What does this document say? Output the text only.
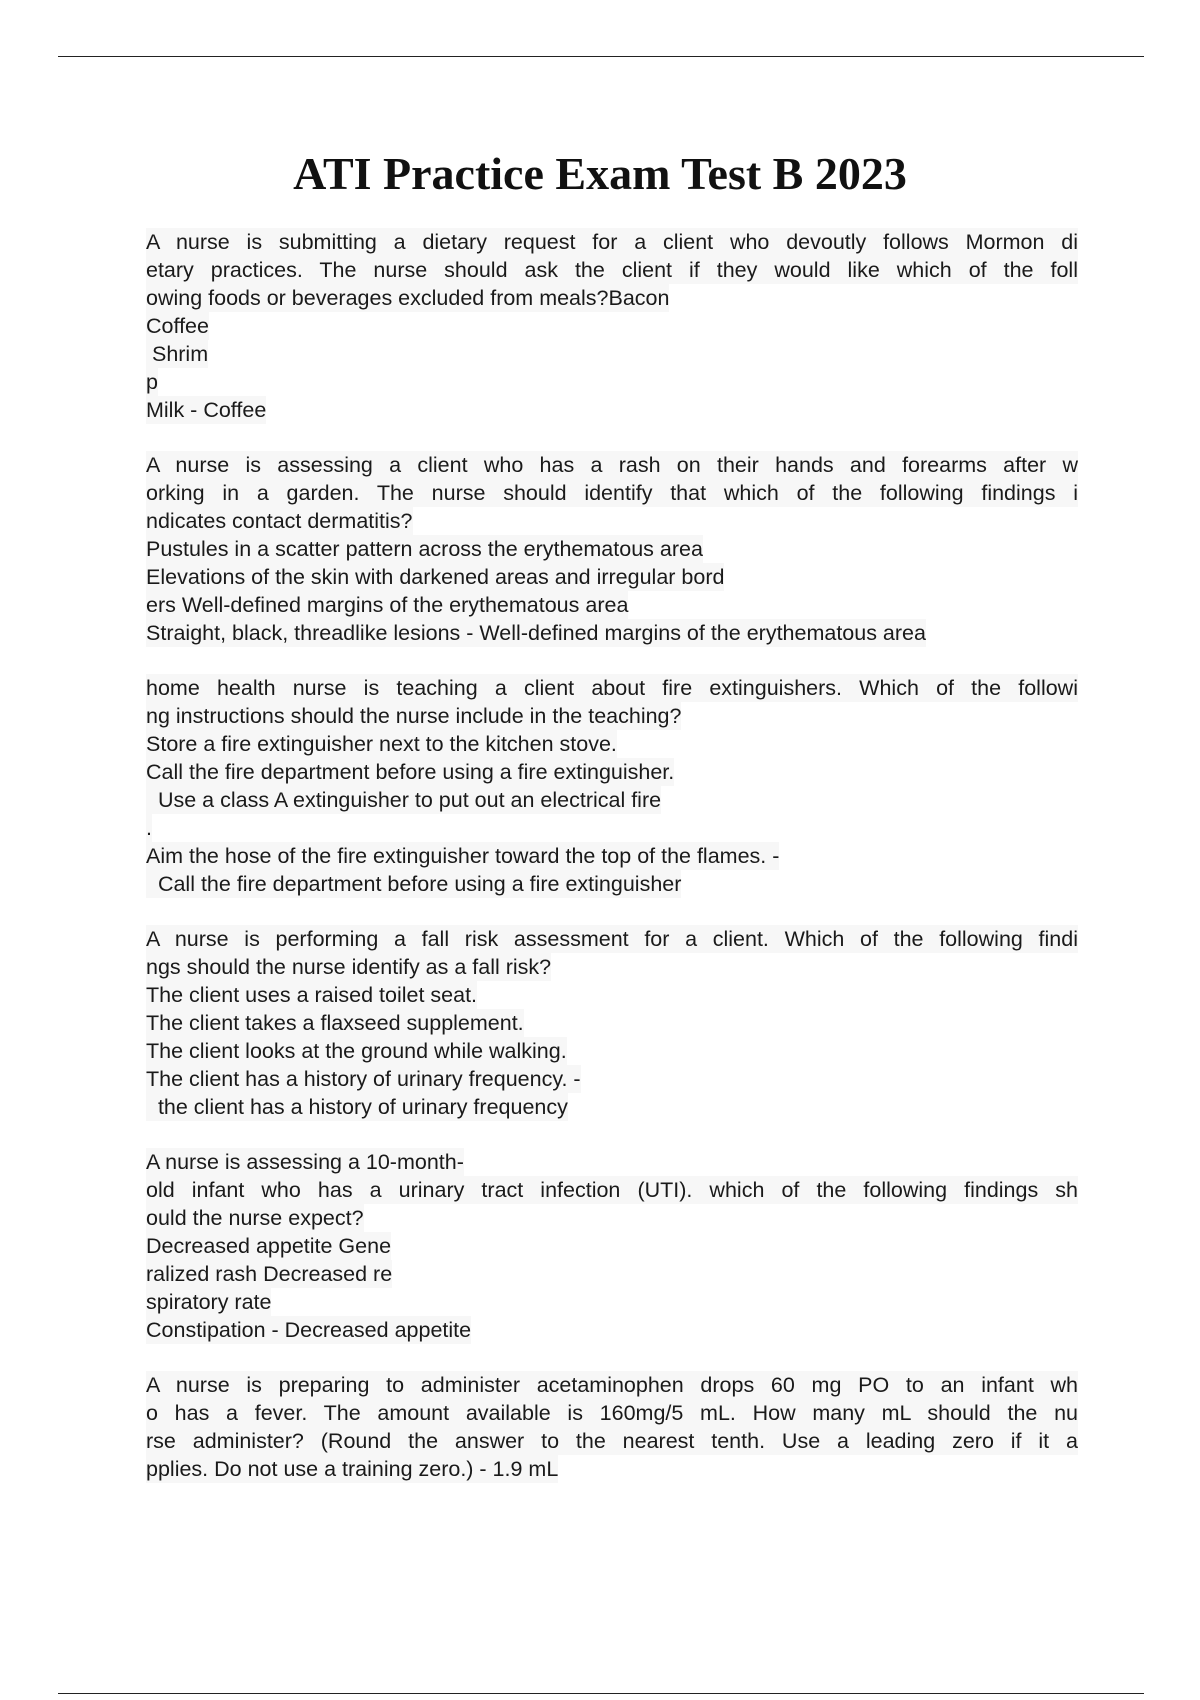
ATI Practice Exam Test B 2023
A nurse is submitting a dietary request for a client who devoutly follows Mormon di
etary practices. The nurse should ask the client if they would like which of the foll
owing foods or beverages excluded from meals?Bacon
Coffee
Shrim
p
Milk - Coffee
A nurse is assessing a client who has a rash on their hands and forearms after w
orking in a garden. The nurse should identify that which of the following findings i
ndicates contact dermatitis?
Pustules in a scatter pattern across the erythematous area
Elevations of the skin with darkened areas and irregular bord
ers Well-defined margins of the erythematous area
Straight, black, threadlike lesions - Well-defined margins of the erythematous area
home health nurse is teaching a client about fire extinguishers. Which of the followi
ng instructions should the nurse include in the teaching?
Store a fire extinguisher next to the kitchen stove.
Call the fire department before using a fire extinguisher.
Use a class A extinguisher to put out an electrical fire
.
Aim the hose of the fire extinguisher toward the top of the flames. -
Call the fire department before using a fire extinguisher
A nurse is performing a fall risk assessment for a client. Which of the following findi
ngs should the nurse identify as a fall risk?
The client uses a raised toilet seat.
The client takes a flaxseed supplement.
The client looks at the ground while walking.
The client has a history of urinary frequency. -
the client has a history of urinary frequency
A nurse is assessing a 10-month-
old infant who has a urinary tract infection (UTI). which of the following findings sh
ould the nurse expect?
Decreased appetite Gene
ralized rash Decreased re
spiratory rate
Constipation - Decreased appetite
A nurse is preparing to administer acetaminophen drops 60 mg PO to an infant wh
o has a fever. The amount available is 160mg/5 mL. How many mL should the nu
rse administer? (Round the answer to the nearest tenth. Use a leading zero if it a
pplies. Do not use a training zero.) - 1.9 mL
